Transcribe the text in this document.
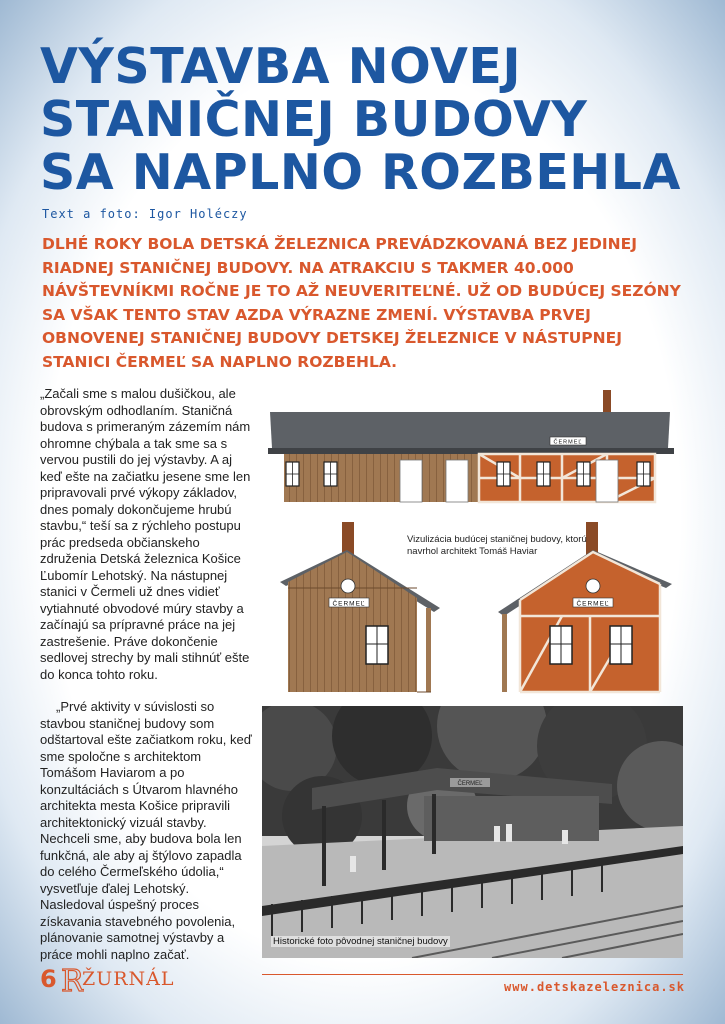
VÝSTAVBA NOVEJ
STANIČNEJ BUDOVY
SA NAPLNO ROZBEHLA
Text a foto: Igor Holéczy

DLHÉ ROKY BOLA DETSKÁ ŽELEZNICA PREVÁDZKOVANÁ BEZ JEDINEJ RIADNEJ STANIČNEJ BUDOVY. NA ATRAKCIU S TAKMER 40.000 NÁVŠTEVNÍKMI ROČNE JE TO AŽ NEUVERITEĽNÉ. UŽ OD BUDÚCEJ SEZÓNY SA VŠAK TENTO STAV AZDA VÝRAZNE ZMENÍ. VÝSTAVBA PRVEJ OBNOVENEJ STANIČNEJ BUDOVY DETSKEJ ŽELEZNICE V NÁSTUPNEJ STANICI ČERMEĽ SA NAPLNO ROZBEHLA.

„Začali sme s malou dušičkou, ale obrovským odhodlaním. Staničná budova s primeraným zázemím nám ohromne chýbala a tak sme sa s vervou pustili do jej výstavby. A aj keď ešte na začiatku jesene sme len pripravovali prvé výkopy základov, dnes pomaly dokončujeme hrubú stavbu,“ teší sa z rýchleho postupu prác predseda občianskeho združenia Detská železnica Košice Ľubomír Lehotský. Na nástupnej stanici v Čermeli už dnes vidieť vytiahnuté obvodové múry stavby a začínajú sa prípravné práce na jej zastrešenie. Práve dokončenie sedlovej strechy by mali stihnúť ešte do konca tohto roku.

„Prvé aktivity v súvislosti so stavbou staničnej budovy som odštartoval ešte začiatkom roku, keď sme spoločne s architektom Tomášom Haviarom a po konzultáciách s Útvarom hlavného architekta mesta Košice pripravili architektonický vizuál stavby. Nechceli sme, aby budova bola len funkčná, ale aby aj štýlovo zapadla do celého Čermeľského údolia,“ vysvetľuje ďalej Lehotský. Nasledoval úspešný proces získavania stavebného povolenia, plánovanie samotnej výstavby a práce mohli naplno začať.

ČERMEĽ
ČERMEĽ	ČERMEĽ
Vizulizácia budúcej staničnej budovy, ktorú navrhol architekt Tomáš Haviar
ČERMEĽ
Historické foto pôvodnej staničnej budovy
6 R
ŽURNÁL	www.detskazeleznica.sk
